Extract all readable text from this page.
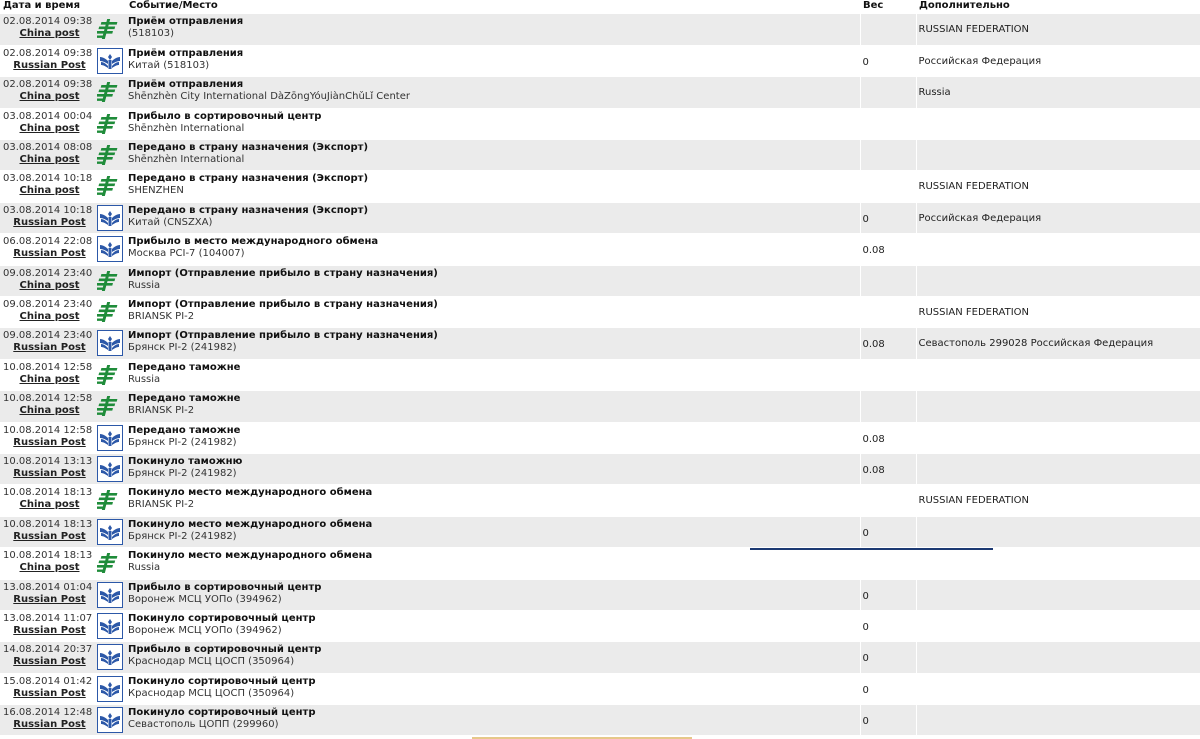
Дата и время		Событие/Место	Вес	Дополнительно

02.08.2014 09:38
China post		Приём отправления
(518103)		RUSSIAN FEDERATION

02.08.2014 09:38
Russian Post		Приём отправления
Китай (518103)	0	Российская Федерация

02.08.2014 09:38
China post		Приём отправления
Shēnzhèn City International DàZōngYóuJiànChǔLǐ Center		Russia

03.08.2014 00:04
China post		Прибыло в сортировочный центр
Shēnzhèn International		

03.08.2014 08:08
China post		Передано в страну назначения (Экспорт)
Shēnzhèn International		

03.08.2014 10:18
China post		Передано в страну назначения (Экспорт)
SHENZHEN		RUSSIAN FEDERATION

03.08.2014 10:18
Russian Post		Передано в страну назначения (Экспорт)
Китай (CNSZXA)	0	Российская Федерация

06.08.2014 22:08
Russian Post		Прибыло в место международного обмена
Москва PCI-7 (104007)	0.08	

09.08.2014 23:40
China post		Импорт (Отправление прибыло в страну назначения)
Russia		

09.08.2014 23:40
China post		Импорт (Отправление прибыло в страну назначения)
BRIANSK PI-2		RUSSIAN FEDERATION

09.08.2014 23:40
Russian Post		Импорт (Отправление прибыло в страну назначения)
Брянск PI-2 (241982)	0.08	Севастополь 299028 Российская Федерация

10.08.2014 12:58
China post		Передано таможне
Russia		

10.08.2014 12:58
China post		Передано таможне
BRIANSK PI-2		

10.08.2014 12:58
Russian Post		Передано таможне
Брянск PI-2 (241982)	0.08	

10.08.2014 13:13
Russian Post		Покинуло таможню
Брянск PI-2 (241982)	0.08	

10.08.2014 18:13
China post		Покинуло место международного обмена
BRIANSK PI-2		RUSSIAN FEDERATION

10.08.2014 18:13
Russian Post		Покинуло место международного обмена
Брянск PI-2 (241982)	0	

10.08.2014 18:13
China post		Покинуло место международного обмена
Russia		

13.08.2014 01:04
Russian Post		Прибыло в сортировочный центр
Воронеж МСЦ УОПо (394962)	0	

13.08.2014 11:07
Russian Post		Покинуло сортировочный центр
Воронеж МСЦ УОПо (394962)	0	

14.08.2014 20:37
Russian Post		Прибыло в сортировочный центр
Краснодар МСЦ ЦОСП (350964)	0	

15.08.2014 01:42
Russian Post		Покинуло сортировочный центр
Краснодар МСЦ ЦОСП (350964)	0	

16.08.2014 12:48
Russian Post		Покинуло сортировочный центр
Севастополь ЦОПП (299960)	0	
